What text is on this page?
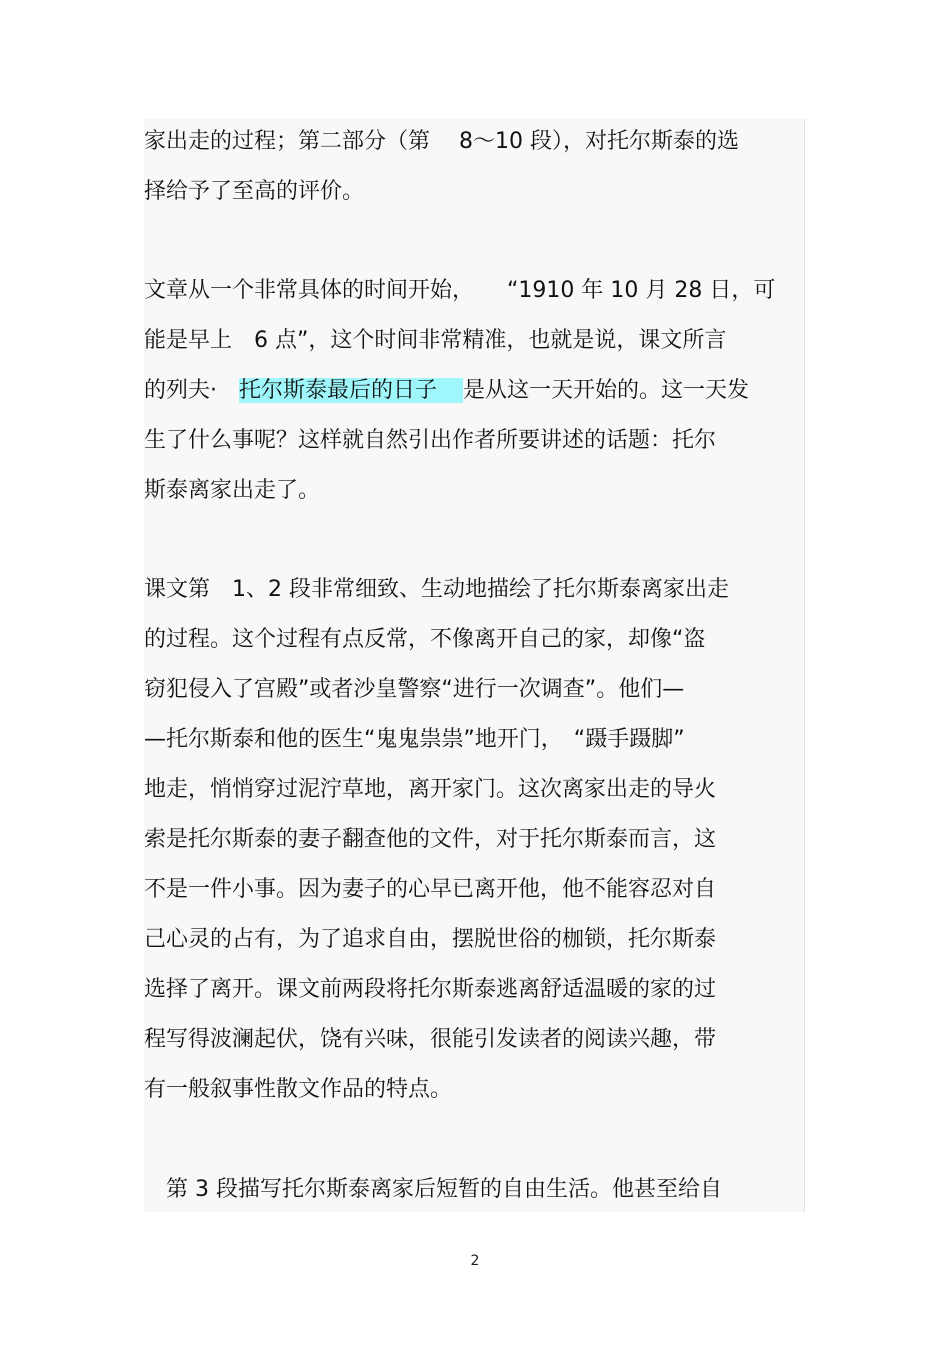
家出走的过程；第二部分（第　 8～10 段），对托尔斯泰的选
择给予了至高的评价。
文章从一个非常具体的时间开始，　　“1910 年 10 月 28 日，可
能是早上　6 点”，这个时间非常精准，也就是说，课文所言
的列夫· 托尔斯泰最后的日子 是从这一天开始的。这一天发
生了什么事呢？这样就自然引出作者所要讲述的话题：托尔
斯泰离家出走了。
课文第　1、2 段非常细致、生动地描绘了托尔斯泰离家出走
的过程。这个过程有点反常，不像离开自己的家，却像“盗
窃犯侵入了宫殿”或者沙皇警察“进行一次调查”。他们—
—托尔斯泰和他的医生“鬼鬼祟祟”地开门，　“蹑手蹑脚”
地走，悄悄穿过泥泞草地，离开家门。这次离家出走的导火
索是托尔斯泰的妻子翻查他的文件，对于托尔斯泰而言，这
不是一件小事。因为妻子的心早已离开他，他不能容忍对自
己心灵的占有，为了追求自由，摆脱世俗的枷锁，托尔斯泰
选择了离开。课文前两段将托尔斯泰逃离舒适温暖的家的过
程写得波澜起伏，饶有兴味，很能引发读者的阅读兴趣，带
有一般叙事性散文作品的特点。
　第 3 段描写托尔斯泰离家后短暂的自由生活。他甚至给自
2
